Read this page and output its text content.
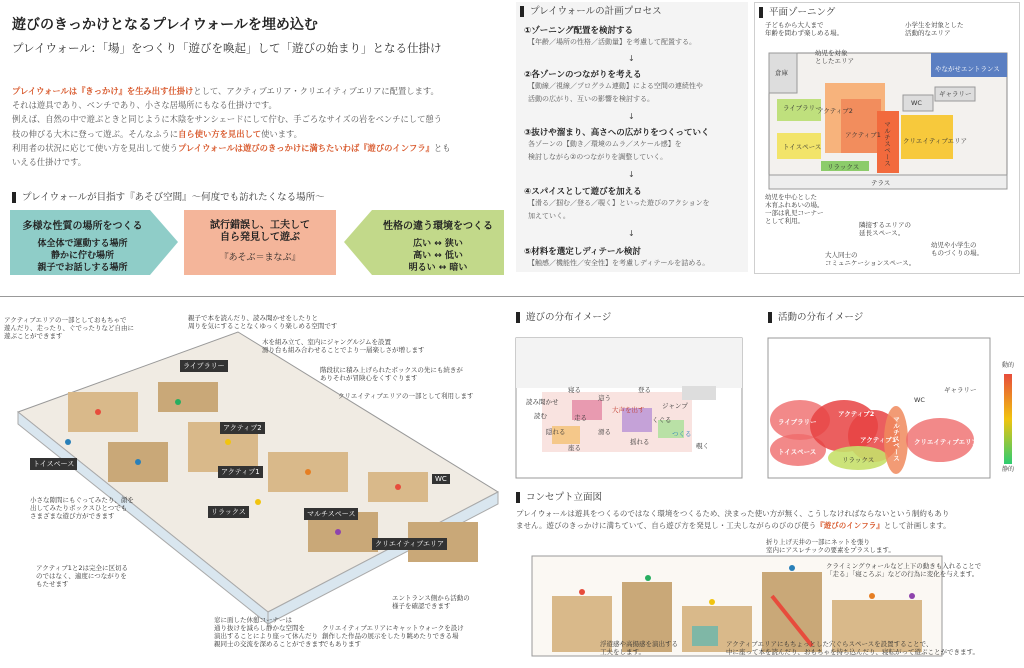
遊びのきっかけとなるプレイウォールを埋め込む
プレイウォール：「場」をつくり「遊びを喚起」して「遊びの始まり」となる仕掛け
プレイウォールは『きっかけ』を生み出す仕掛けとして、アクティブエリア・クリエイティブエリアに配置します。
それは遊具であり、ベンチであり、小さな居場所にもなる仕掛けです。
例えば、自然の中で遊ぶときと同じように木陰をサンシェードにして佇む、手ごろなサイズの岩をベンチにして憩う
枝の伸びる大木に登って遊ぶ。そんなふうに自ら使い方を見出して使います。
利用者の状況に応じて使い方を見出して使うプレイウォールは遊びのきっかけに満ちたいわば『遊びのインフラ』とも
いえる仕掛けです。
プレイウォールが目指す『あそび空間』〜何度でも訪れたくなる場所〜
多様な性質の場所をつくる
体全体で運動する場所
静かに佇む場所
親子でお話しする場所
試行錯誤し、工夫して
自ら発見して遊ぶ
『あそぶ＝まなぶ』
性格の違う環境をつくる
広い ↔ 狭い
高い ↔ 低い
明るい ↔ 暗い
プレイウォールの計画プロセス
①ゾーニング配置を検討する
【年齢／場所の性格／活動量】を考慮して配置する。
↓
②各ゾーンのつながりを考える
【動線／視線／プログラム連動】による空間の連続性や
活動の広がり、互いの影響を検討する。
↓
③抜けや溜まり、高さへの広がりをつくっていく
各ゾーンの【動き／環境のムラ／スケール感】を
検討しながら②のつながりを調整していく。
↓
④スパイスとして遊びを加える
【滑る／掴む／登る／覗く】といった遊びのアクションを
加えていく。
↓
⑤材料を選定しディテール検討
【触感／機能性／安全性】を考慮しディテールを詰める。
平面ゾーニング
子どもから大人まで
年齢を問わず楽しめる場。
小学生を対象とした
活動的なエリア
幼児を対象
としたエリア
幼児を中心とした
木育ふれあいの場。
一部は乳児コーナー
として利用。	隣接するエリアの
延長スペース。
大人同士の
コミュニケーションスペース。
幼児や小学生の
ものづくりの場。
ライブラリー
アクティブ2
アクティブ1
トイスペース
リラックス
マルチスペース クリエイティブエリア
WC
ギャラリー
やながせエントランス
テラス
倉庫
ライブラリー
アクティブ2
アクティブ1
トイスペース
リラックス	マルチスペース
クリエイティブエリア
WC
アクティブエリアの一部としておもちゃで
遊んだり、走ったり、ぐでったりなど自由に
遊ぶことができます
親子で本を読んだり、読み聞かせをしたりと
周りを気にすることなくゆっくり楽しめる空間です
木を組み立て、室内にジャングルジムを設置
滑り台も組み合わせることでより一層楽しさが増します
階段状に積み上げられたボックスの先にも続きが
ありそれが冒険心をくすぐります
クリエイティブエリアの一部として利用します
小さな隙間にもぐってみたり、顔を
出してみたりボックスひとつでも
さまざまな遊び方ができます
アクティブ1と2は完全に区切る
のではなく、適度につながりを
もたせます
窓に面した休憩コーナーは
通り抜けを減らし静かな空間を
演出することにより座って休んだり
親同士の交流を深めることができます
クリエイティブエリアにキャットウォークを設け
創作した作品の展示をしたり眺めたりできる場
でもあります
エントランス側から活動の
様子を確認できます
遊びの分布イメージ
読み聞かせ
寝る
這う
登る
大声を出す
走る	くぐる
滑る
隠れる
揺れる
つくる
座る	覗く
読む
ジャンプ
活動の分布イメージ
動的
静的
ライブラリー
アクティブ2
アクティブ1
トイスペース
リラックス	マルチスペース クリエイティブエリア
WC
ギャラリー
コンセプト立面図
プレイウォールは遊具をつくるのではなく環境をつくるため、決まった使い方が無く、こうしなければならないという制約もあり
ません。遊びのきっかけに満ちていて、自ら遊び方を発見し・工夫しながらのびのび使う『遊びのインフラ』として計画します。
折り上げ天井の一部にネットを張り
室内にアスレチックの要素をプラスします。
クライミングウォールなど上下の動きも入れることで
「走る」「寝ころぶ」などの行為に変化を与えます。
浮遊感や高揚感を演出する
工夫をします。
アクティブエリアにもちょっとした穴ぐらスペースを設置することで、
中に座って本を読んだり、おもちゃを持ち込んだり、寝転がって遊ぶことができます。
